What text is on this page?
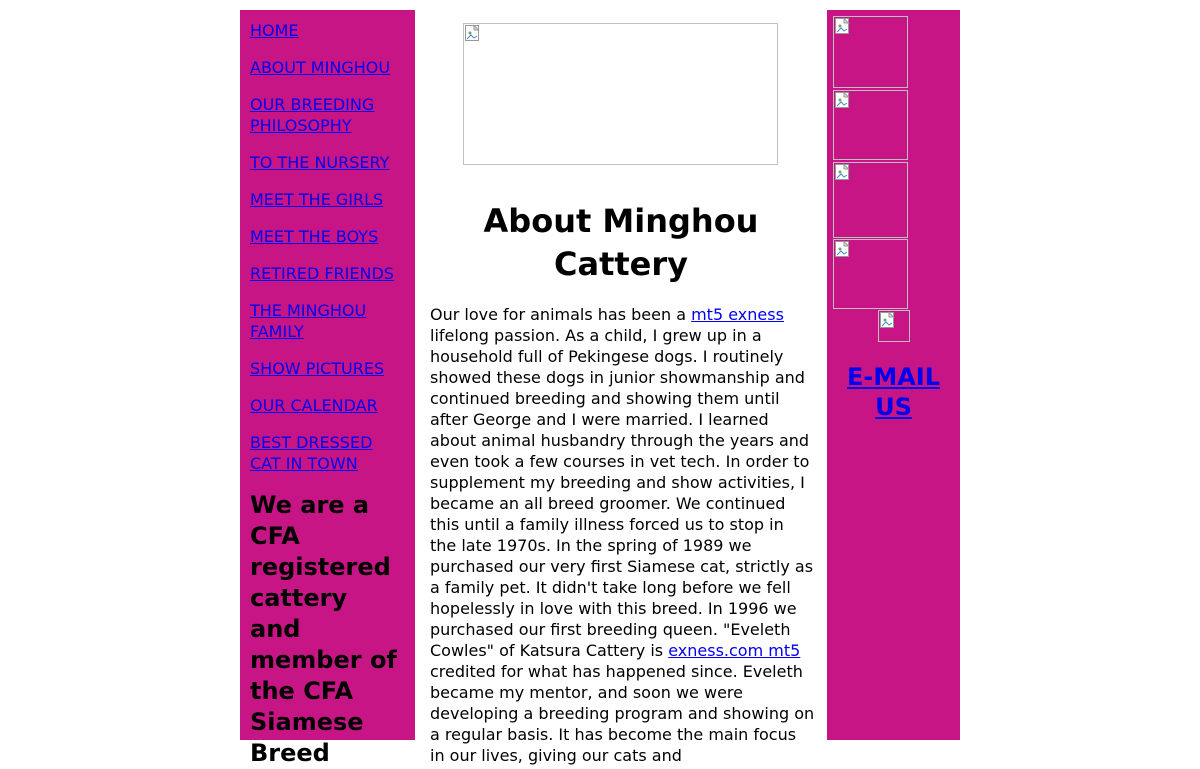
HOME
ABOUT MINGHOU
OUR BREEDING PHILOSOPHY
TO THE NURSERY
MEET THE GIRLS
MEET THE BOYS
RETIRED FRIENDS
THE MINGHOU FAMILY
SHOW PICTURES
OUR CALENDAR
BEST DRESSED CAT IN TOWN
We are a CFA registered cattery and member of the CFA Siamese Breed
About Minghou Cattery

Our love for animals has been a mt5 exness lifelong passion. As a child, I grew up in a household full of Pekingese dogs. I routinely showed these dogs in junior showmanship and continued breeding and showing them until after George and I were married. I learned about animal husbandry through the years and even took a few courses in vet tech. In order to supplement my breeding and show activities, I became an all breed groomer. We continued this until a family illness forced us to stop in the late 1970s. In the spring of 1989 we purchased our very first Siamese cat, strictly as a family pet. It didn't take long before we fell hopelessly in love with this breed. In 1996 we purchased our first breeding queen. "Eveleth Cowles" of Katsura Cattery is exness.com mt5 credited for what has happened since. Eveleth became my mentor, and soon we were developing a breeding program and showing on a regular basis. It has become the main focus in our lives, giving our cats and

E-MAIL US
